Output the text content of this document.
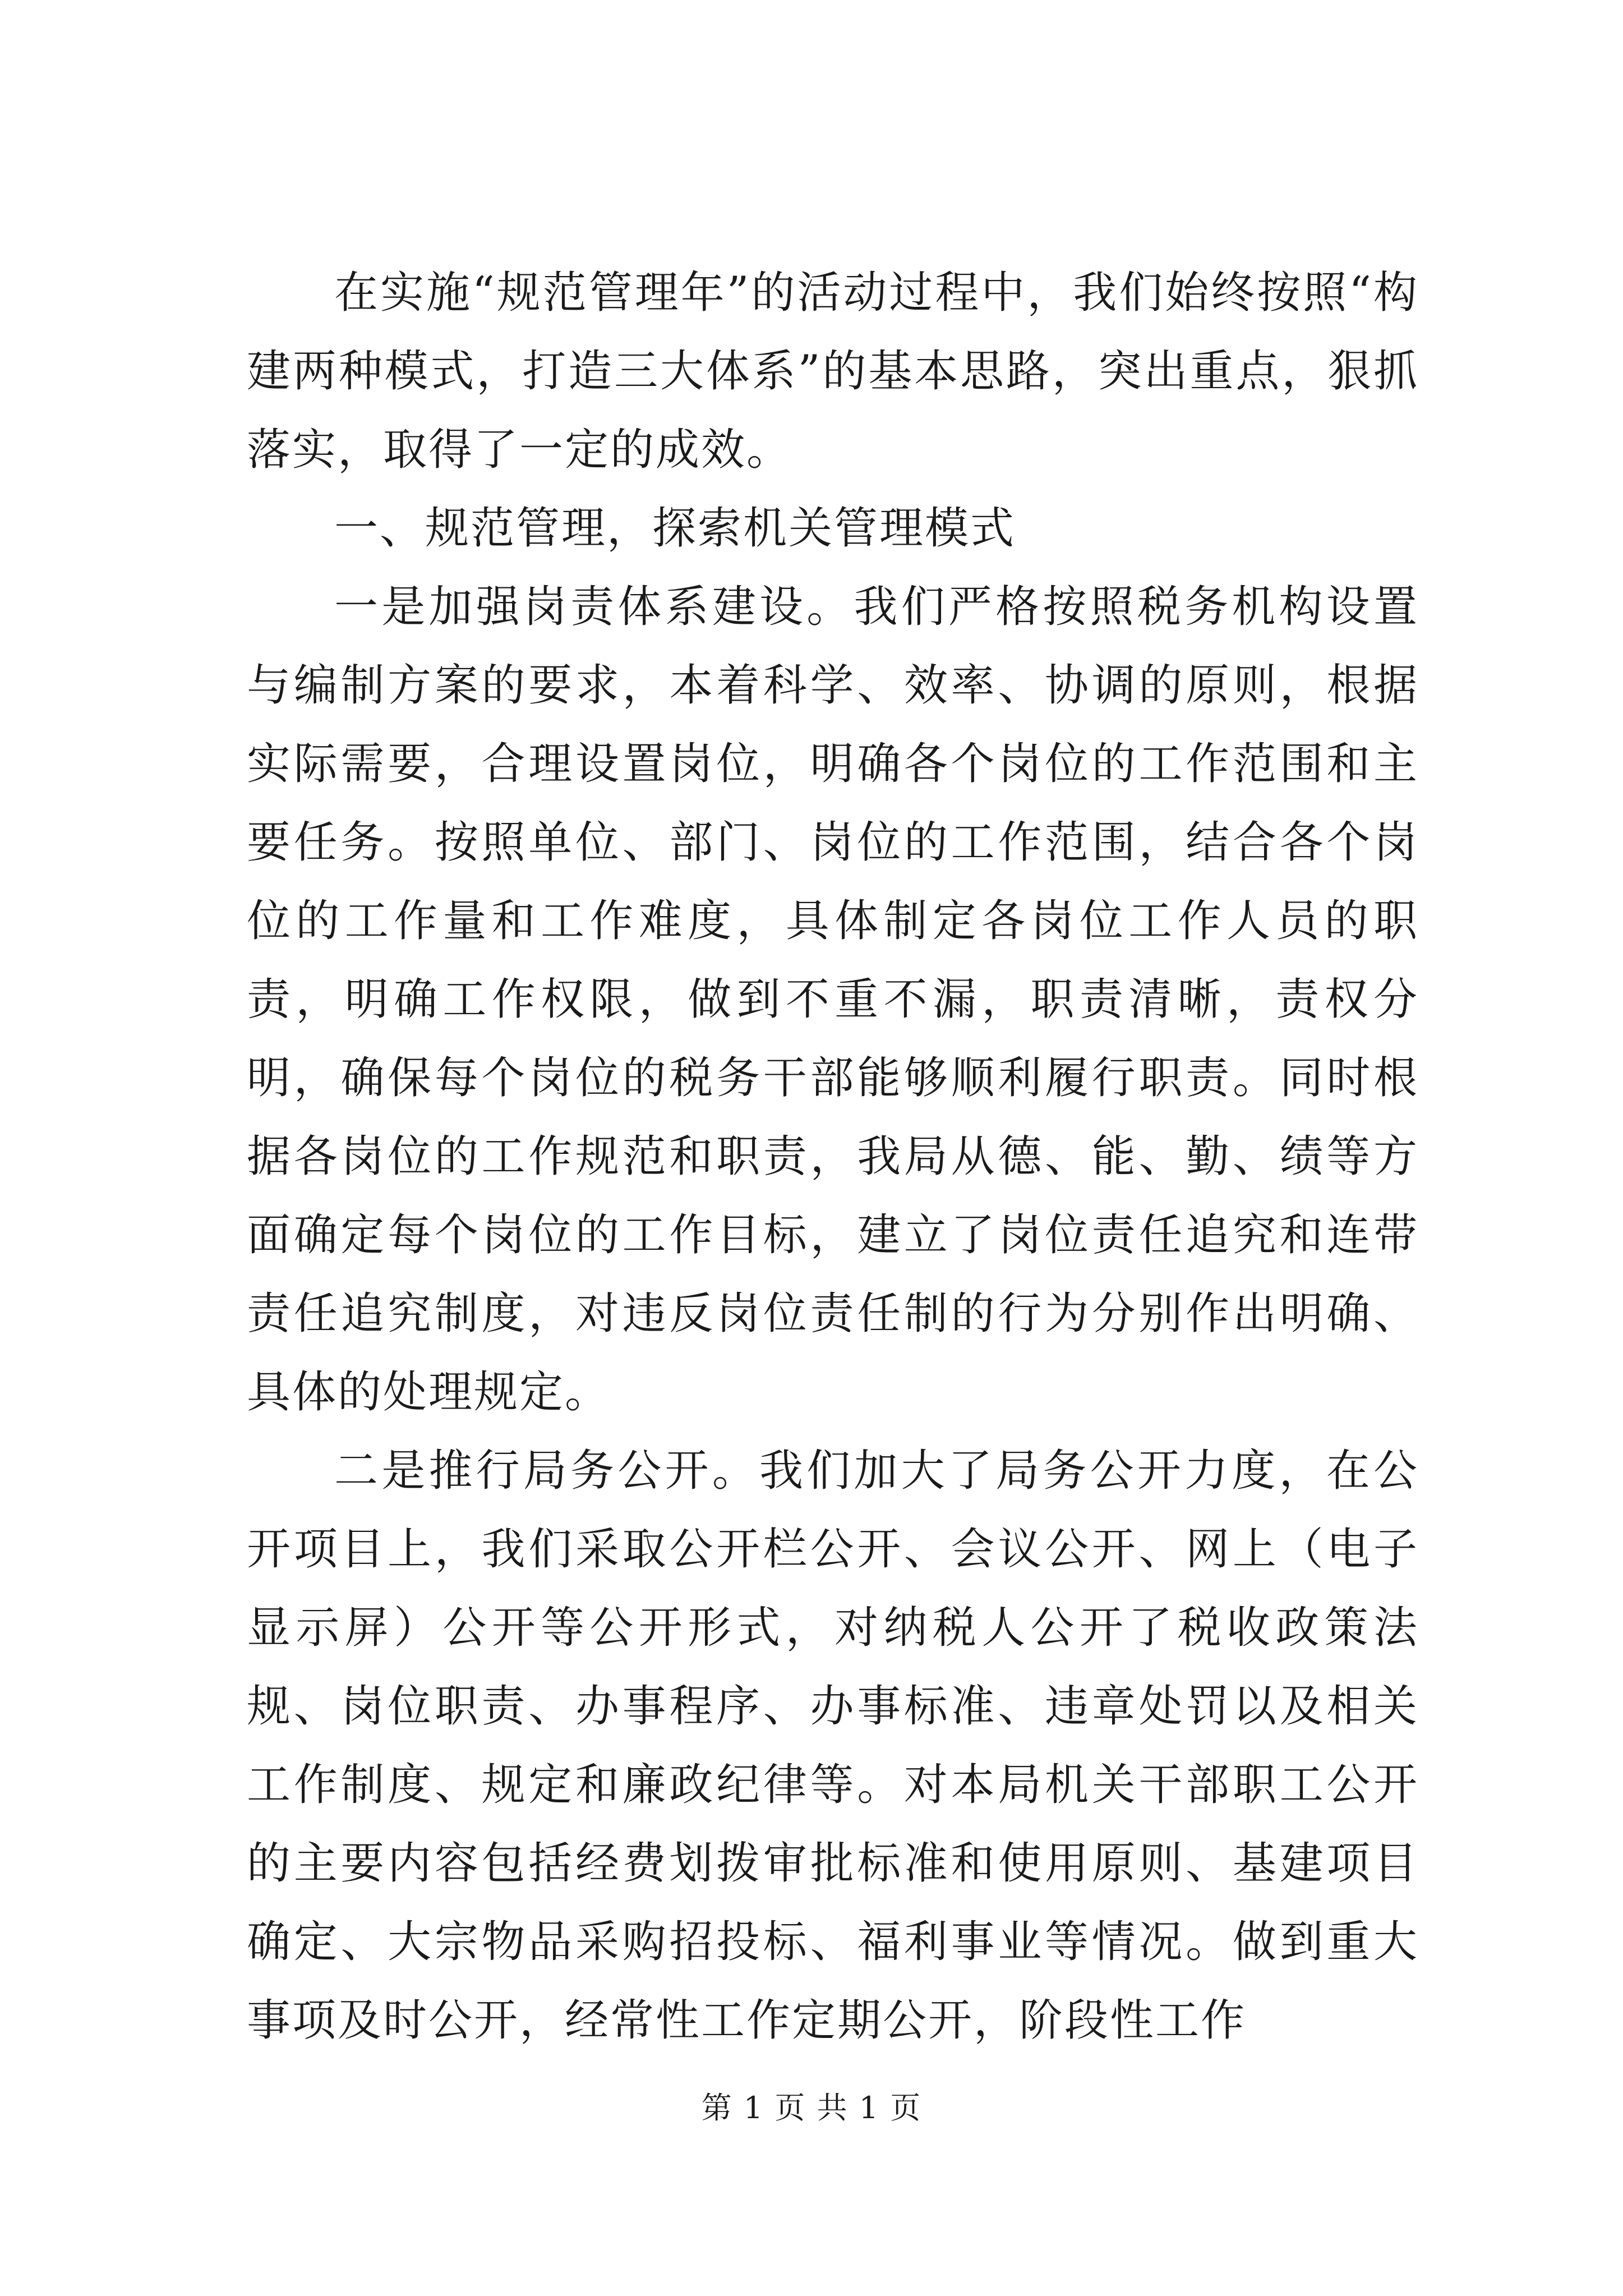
在实施“规范管理年”的活动过程中，我们始终按照“构建两种模式，打造三大体系”的基本思路，突出重点，狠抓落实，取得了一定的成效。

一、规范管理，探索机关管理模式

一是加强岗责体系建设。我们严格按照税务机构设置与编制方案的要求，本着科学、效率、协调的原则，根据实际需要，合理设置岗位，明确各个岗位的工作范围和主要任务。按照单位、部门、岗位的工作范围，结合各个岗位的工作量和工作难度，具体制定各岗位工作人员的职责，明确工作权限，做到不重不漏，职责清晰，责权分明，确保每个岗位的税务干部能够顺利履行职责。同时根据各岗位的工作规范和职责，我局从德、能、勤、绩等方面确定每个岗位的工作目标，建立了岗位责任追究和连带责任追究制度，对违反岗位责任制的行为分别作出明确、具体的处理规定。

二是推行局务公开。我们加大了局务公开力度，在公开项目上，我们采取公开栏公开、会议公开、网上（电子显示屏）公开等公开形式，对纳税人公开了税收政策法规、岗位职责、办事程序、办事标准、违章处罚以及相关工作制度、规定和廉政纪律等。对本局机关干部职工公开的主要内容包括经费划拨审批标准和使用原则、基建项目确定、大宗物品采购招投标、福利事业等情况。做到重大事项及时公开，经常性工作定期公开，阶段性工作

第 1 页 共 1 页
